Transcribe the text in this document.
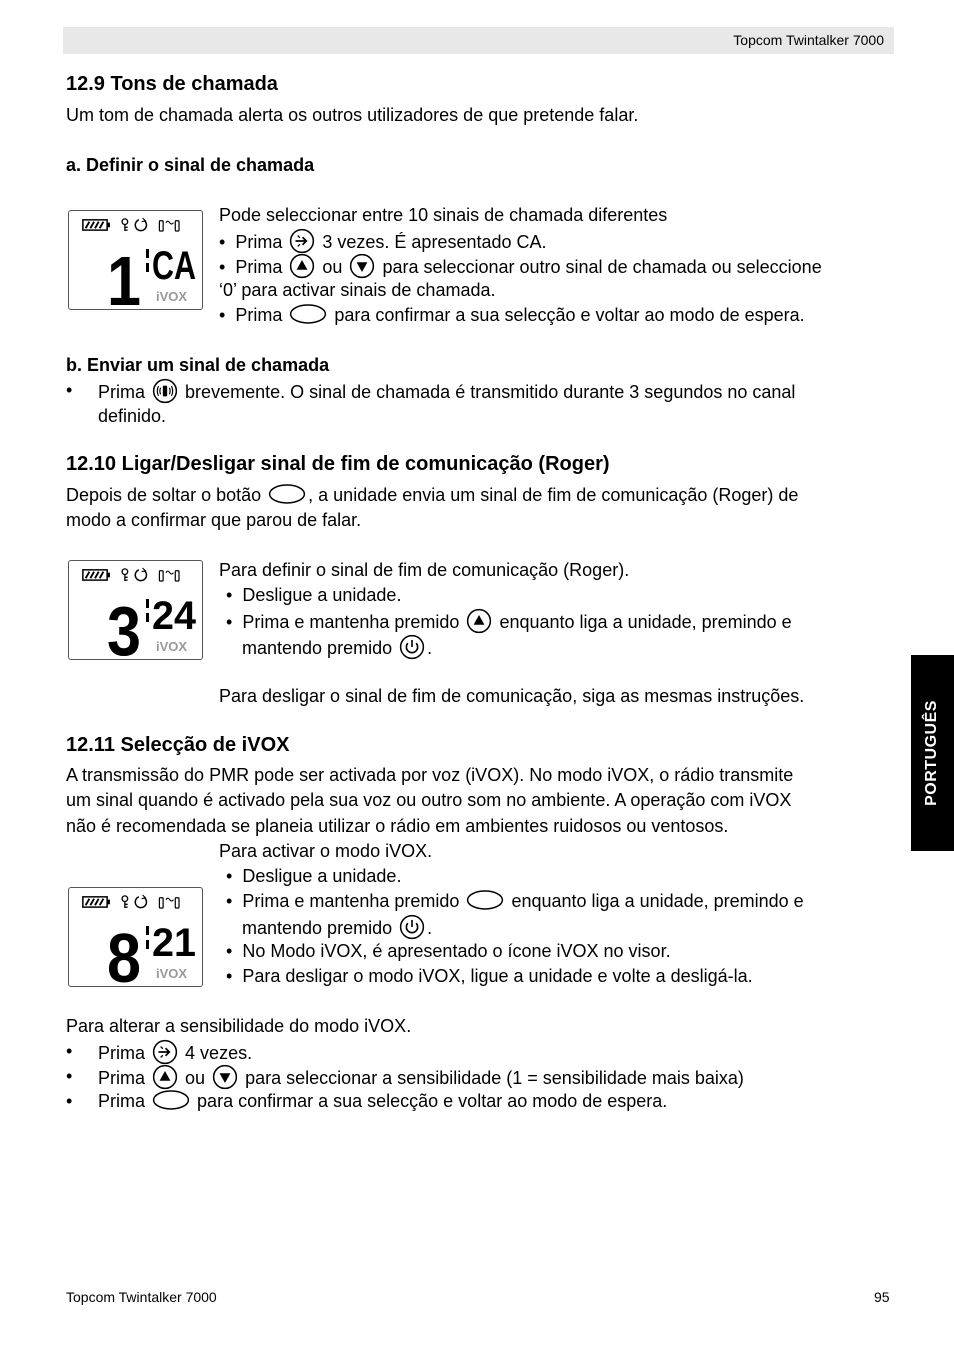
Topcom Twintalker 7000
PORTUGUÊS
12.9 Tons de chamada
Um tom de chamada alerta os outros utilizadores de que pretende falar.
a. Definir o sinal de chamada
1 CA
iVOX
Pode seleccionar entre 10 sinais de chamada diferentes
• Prima 3 vezes. É apresentado CA.
• Prima ou para seleccionar outro sinal de chamada ou seleccione
‘0’ para activar sinais de chamada.
• Prima	para confirmar a sua selecção e voltar ao modo de espera.
b. Enviar um sinal de chamada
• Prima brevemente. O sinal de chamada é transmitido durante 3 segundos no canal
definido.
12.10 Ligar/Desligar sinal de fim de comunicação (Roger)
Depois de soltar o botão	, a unidade envia um sinal de fim de comunicação (Roger) de
modo a confirmar que parou de falar.
3 24
iVOX
Para definir o sinal de fim de comunicação (Roger).
• Desligue a unidade.
• Prima e mantenha premido enquanto liga a unidade, premindo e
mantendo premido .
Para desligar o sinal de fim de comunicação, siga as mesmas instruções.
12.11 Selecção de iVOX
A transmissão do PMR pode ser activada por voz (iVOX). No modo iVOX, o rádio transmite
um sinal quando é activado pela sua voz ou outro som no ambiente. A operação com iVOX
não é recomendada se planeia utilizar o rádio em ambientes ruidosos ou ventosos.
8 21
iVOX
Para activar o modo iVOX.
• Desligue a unidade.
• Prima e mantenha premido	enquanto liga a unidade, premindo e
mantendo premido .
• No Modo iVOX, é apresentado o ícone iVOX no visor.
• Para desligar o modo iVOX, ligue a unidade e volte a desligá-la.
Para alterar a sensibilidade do modo iVOX.
• Prima 4 vezes.
• Prima ou para seleccionar a sensibilidade (1 = sensibilidade mais baixa)
• Prima	para confirmar a sua selecção e voltar ao modo de espera.
Topcom Twintalker 7000	95
